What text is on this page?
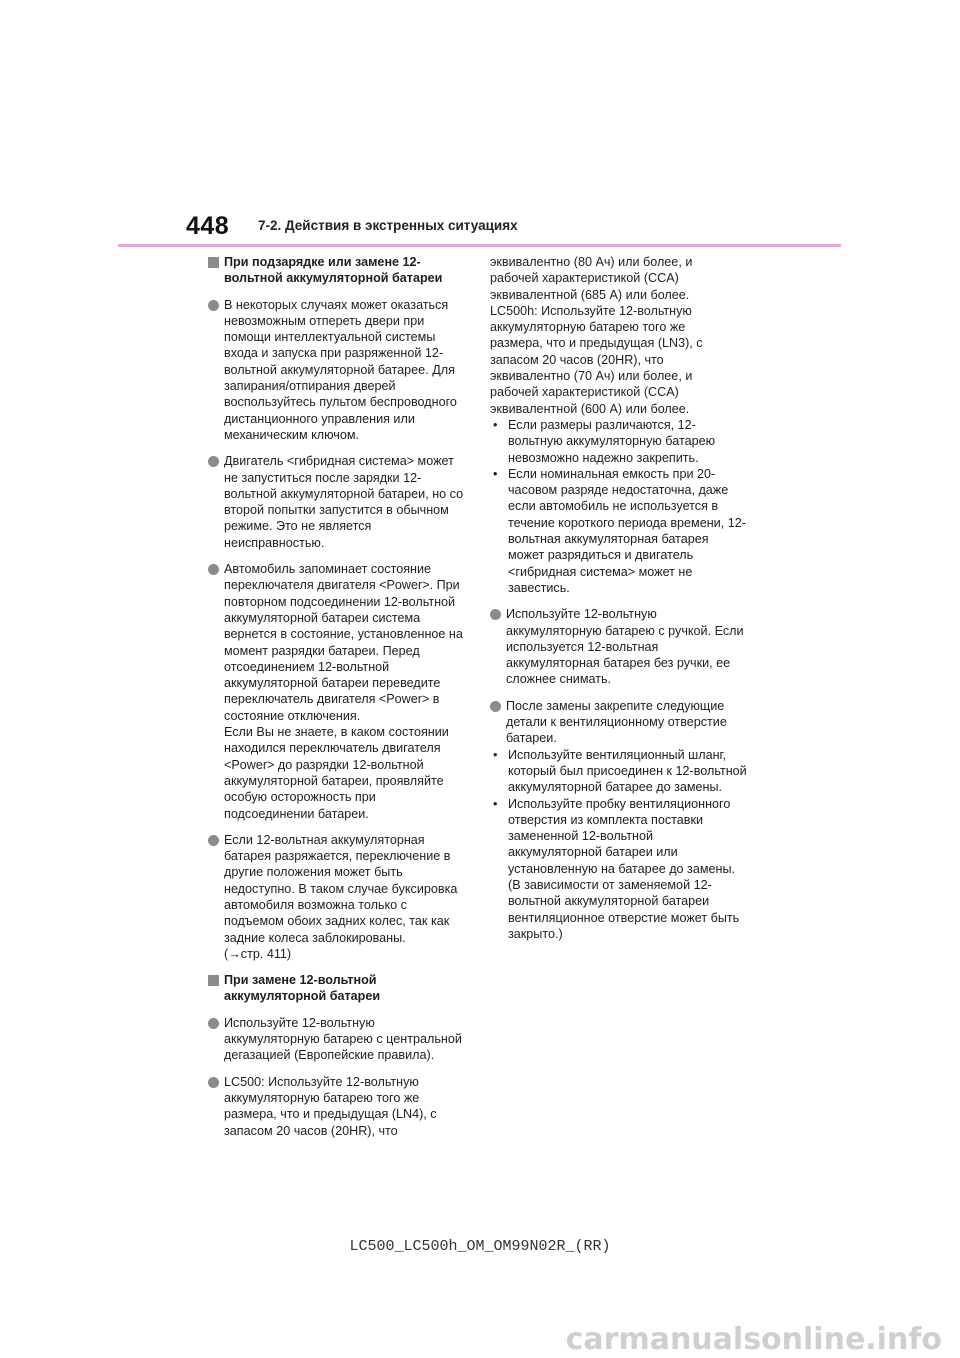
448 7-2. Действия в экстренных ситуациях
При подзарядке или замене 12-
вольтной аккумуляторной батареи
В некоторых случаях может оказаться
невозможным отпереть двери при
помощи интеллектуальной системы
входа и запуска при разряженной 12-
вольтной аккумуляторной батарее. Для
запирания/отпирания дверей
воспользуйтесь пультом беспроводного
дистанционного управления или
механическим ключом.
Двигатель <гибридная система> может
не запуститься после зарядки 12-
вольтной аккумуляторной батареи, но со
второй попытки запустится в обычном
режиме. Это не является
неисправностью.
Автомобиль запоминает состояние
переключателя двигателя <Power>. При
повторном подсоединении 12-вольтной
аккумуляторной батареи система
вернется в состояние, установленное на
момент разрядки батареи. Перед
отсоединением 12-вольтной
аккумуляторной батареи переведите
переключатель двигателя <Power> в
состояние отключения.
Если Вы не знаете, в каком состоянии
находился переключатель двигателя
<Power> до разрядки 12-вольтной
аккумуляторной батареи, проявляйте
особую осторожность при
подсоединении батареи.
Если 12-вольтная аккумуляторная
батарея разряжается, переключение в
другие положения может быть
недоступно. В таком случае буксировка
автомобиля возможна только с
подъемом обоих задних колес, так как
задние колеса заблокированы.
(→стр. 411)
При замене 12-вольтной
аккумуляторной батареи
Используйте 12-вольтную
аккумуляторную батарею с центральной
дегазацией (Европейские правила).
LC500: Используйте 12-вольтную
аккумуляторную батарею того же
размера, что и предыдущая (LN4), с
запасом 20 часов (20HR), что
эквивалентно (80 Ач) или более, и
рабочей характеристикой (CCA)
эквивалентной (685 А) или более.
LC500h: Используйте 12-вольтную
аккумуляторную батарею того же
размера, что и предыдущая (LN3), с
запасом 20 часов (20HR), что
эквивалентно (70 Ач) или более, и
рабочей характеристикой (CCA)
эквивалентной (600 А) или более.
• Если размеры различаются, 12-
вольтную аккумуляторную батарею
невозможно надежно закрепить.
• Если номинальная емкость при 20-
часовом разряде недостаточна, даже
если автомобиль не используется в
течение короткого периода времени, 12-
вольтная аккумуляторная батарея
может разрядиться и двигатель
<гибридная система> может не
завестись.
Используйте 12-вольтную
аккумуляторную батарею с ручкой. Если
используется 12-вольтная
аккумуляторная батарея без ручки, ее
сложнее снимать.
После замены закрепите следующие
детали к вентиляционному отверстие
батареи.
• Используйте вентиляционный шланг,
который был присоединен к 12-вольтной
аккумуляторной батарее до замены.
• Используйте пробку вентиляционного
отверстия из комплекта поставки
замененной 12-вольтной
аккумуляторной батареи или
установленную на батарее до замены.
(В зависимости от заменяемой 12-
вольтной аккумуляторной батареи
вентиляционное отверстие может быть
закрыто.)
LC500_LC500h_OM_OM99N02R_(RR)
carmanualsonline.info
